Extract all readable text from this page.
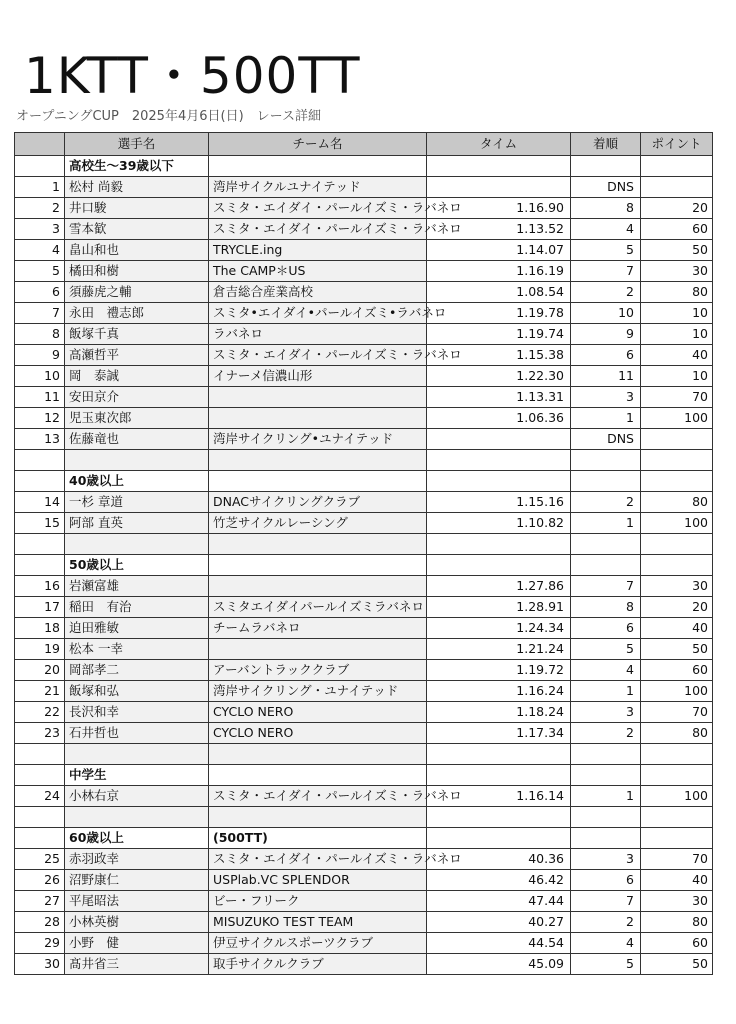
1KTT・500TT
オープニングCUP　2025年4月6日(日)　レース詳細
	選手名	チーム名	タイム	着順	ポイント
	高校生～39歳以下				
1	松村 尚毅	湾岸サイクルユナイテッド		DNS	
2	井口駿	スミタ・エイダイ・パールイズミ・ラバネロ	1.16.90	8	20
3	雪本歓	スミタ・エイダイ・パールイズミ・ラバネロ	1.13.52	4	60
4	畠山和也	TRYCLE.ing	1.14.07	5	50
5	橘田和樹	The CAMP＊US	1.16.19	7	30
6	須藤虎之輔	倉吉総合産業高校	1.08.54	2	80
7	永田　禮志郎	スミタ•エイダイ•パールイズミ•ラバネロ	1.19.78	10	10
8	飯塚千真	ラバネロ	1.19.74	9	10
9	高瀬哲平	スミタ・エイダイ・パールイズミ・ラバネロ	1.15.38	6	40
10	岡　泰誠	イナーメ信濃山形	1.22.30	11	10
11	安田京介		1.13.31	3	70
12	児玉東次郎		1.06.36	1	100
13	佐藤竜也	湾岸サイクリング•ユナイテッド		DNS	

	40歳以上				
14	一杉 章道	DNACサイクリングクラブ	1.15.16	2	80
15	阿部 直英	竹芝サイクルレーシング	1.10.82	1	100

	50歳以上				
16	岩瀬富雄		1.27.86	7	30
17	稲田　有治	スミタエイダイパールイズミラバネロ	1.28.91	8	20
18	迫田雅敏	チームラバネロ	1.24.34	6	40
19	松本 一幸		1.21.24	5	50
20	岡部孝二	アーバントラッククラブ	1.19.72	4	60
21	飯塚和弘	湾岸サイクリング・ユナイテッド	1.16.24	1	100
22	長沢和幸	CYCLO NERO	1.18.24	3	70
23	石井哲也	CYCLO NERO	1.17.34	2	80

	中学生				
24	小林右京	スミタ・エイダイ・パールイズミ・ラバネロ	1.16.14	1	100

	60歳以上	(500TT)			
25	赤羽政幸	スミタ・エイダイ・パールイズミ・ラバネロ	40.36	3	70
26	沼野康仁	USPlab.VC SPLENDOR	46.42	6	40
27	平尾昭法	ビー・フリーク	47.44	7	30
28	小林英樹	MISUZUKO TEST TEAM	40.27	2	80
29	小野　健	伊豆サイクルスポーツクラブ	44.54	4	60
30	髙井省三	取手サイクルクラブ	45.09	5	50
